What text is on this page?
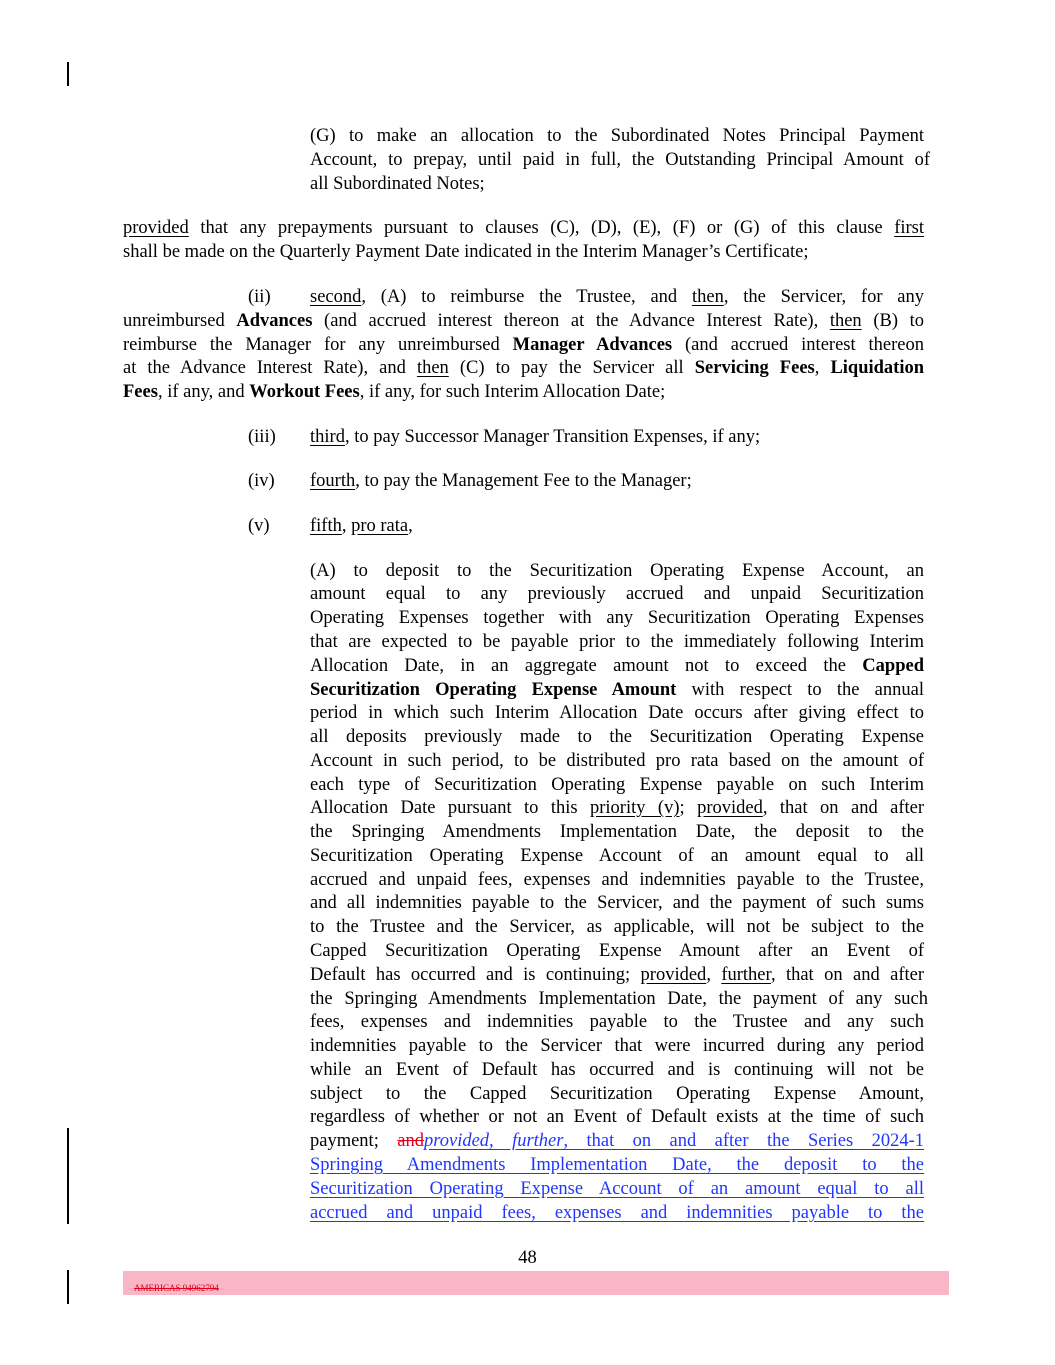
(G) to make an allocation to the Subordinated Notes Principal Payment
Account, to prepay, until paid in full, the Outstanding Principal Amount of
all Subordinated Notes;
provided that any prepayments pursuant to clauses (C), (D), (E), (F) or (G) of this clause first
shall be made on the Quarterly Payment Date indicated in the Interim Manager’s Certificate;
(ii) second, (A) to reimburse the Trustee, and then, the Servicer, for any
unreimbursed Advances (and accrued interest thereon at the Advance Interest Rate), then (B) to
reimburse the Manager for any unreimbursed Manager Advances (and accrued interest thereon
at the Advance Interest Rate), and then (C) to pay the Servicer all Servicing Fees, Liquidation
Fees, if any, and Workout Fees, if any, for such Interim Allocation Date;
(iii) third, to pay Successor Manager Transition Expenses, if any;
(iv) fourth, to pay the Management Fee to the Manager;
(v) fifth, pro rata,
(A) to deposit to the Securitization Operating Expense Account, an
amount equal to any previously accrued and unpaid Securitization
Operating Expenses together with any Securitization Operating Expenses
that are expected to be payable prior to the immediately following Interim
Allocation Date, in an aggregate amount not to exceed the Capped
Securitization Operating Expense Amount with respect to the annual
period in which such Interim Allocation Date occurs after giving effect to
all deposits previously made to the Securitization Operating Expense
Account in such period, to be distributed pro rata based on the amount of
each type of Securitization Operating Expense payable on such Interim
Allocation Date pursuant to this priority (v); provided, that on and after
the Springing Amendments Implementation Date, the deposit to the
Securitization Operating Expense Account of an amount equal to all
accrued and unpaid fees, expenses and indemnities payable to the Trustee,
and all indemnities payable to the Servicer, and the payment of such sums
to the Trustee and the Servicer, as applicable, will not be subject to the
Capped Securitization Operating Expense Amount after an Event of
Default has occurred and is continuing; provided, further, that on and after
the Springing Amendments Implementation Date, the payment of any such
fees, expenses and indemnities payable to the Trustee and any such
indemnities payable to the Servicer that were incurred during any period
while an Event of Default has occurred and is continuing will not be
subject to the Capped Securitization Operating Expense Amount,
regardless of whether or not an Event of Default exists at the time of such
payment; andprovided, further, that on and after the Series 2024-1
Springing Amendments Implementation Date, the deposit to the
Securitization Operating Expense Account of an amount equal to all
accrued and unpaid fees, expenses and indemnities payable to the
48
AMERICAS 94962794
